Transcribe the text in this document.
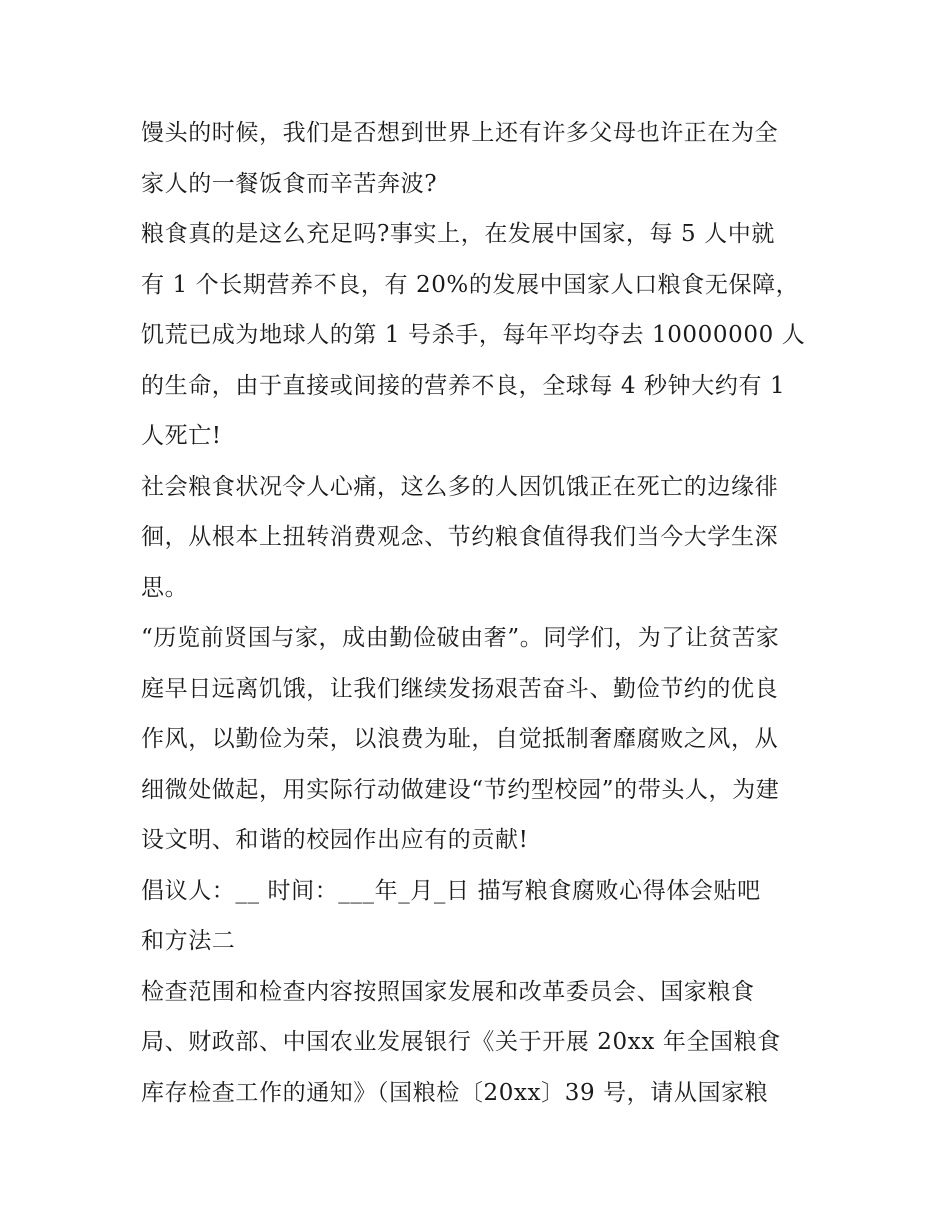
馒头的时候，我们是否想到世界上还有许多父母也许正在为全
家人的一餐饭食而辛苦奔波?
粮食真的是这么充足吗?事实上，在发展中国家，每 5 人中就
有 1 个长期营养不良，有 20%的发展中国家人口粮食无保障，
饥荒已成为地球人的第 1 号杀手，每年平均夺去 10000000 人
的生命，由于直接或间接的营养不良，全球每 4 秒钟大约有 1
人死亡!
社会粮食状况令人心痛，这么多的人因饥饿正在死亡的边缘徘
徊，从根本上扭转消费观念、节约粮食值得我们当今大学生深
思。
“历览前贤国与家，成由勤俭破由奢”。同学们，为了让贫苦家
庭早日远离饥饿，让我们继续发扬艰苦奋斗、勤俭节约的优良
作风，以勤俭为荣，以浪费为耻，自觉抵制奢靡腐败之风，从
细微处做起，用实际行动做建设“节约型校园”的带头人，为建
设文明、和谐的校园作出应有的贡献!
倡议人：__ 时间：___年_月_日 描写粮食腐败心得体会贴吧
和方法二
检查范围和检查内容按照国家发展和改革委员会、国家粮食
局、财政部、中国农业发展银行《关于开展 20xx 年全国粮食
库存检查工作的通知》（国粮检〔20xx〕39 号，请从国家粮
